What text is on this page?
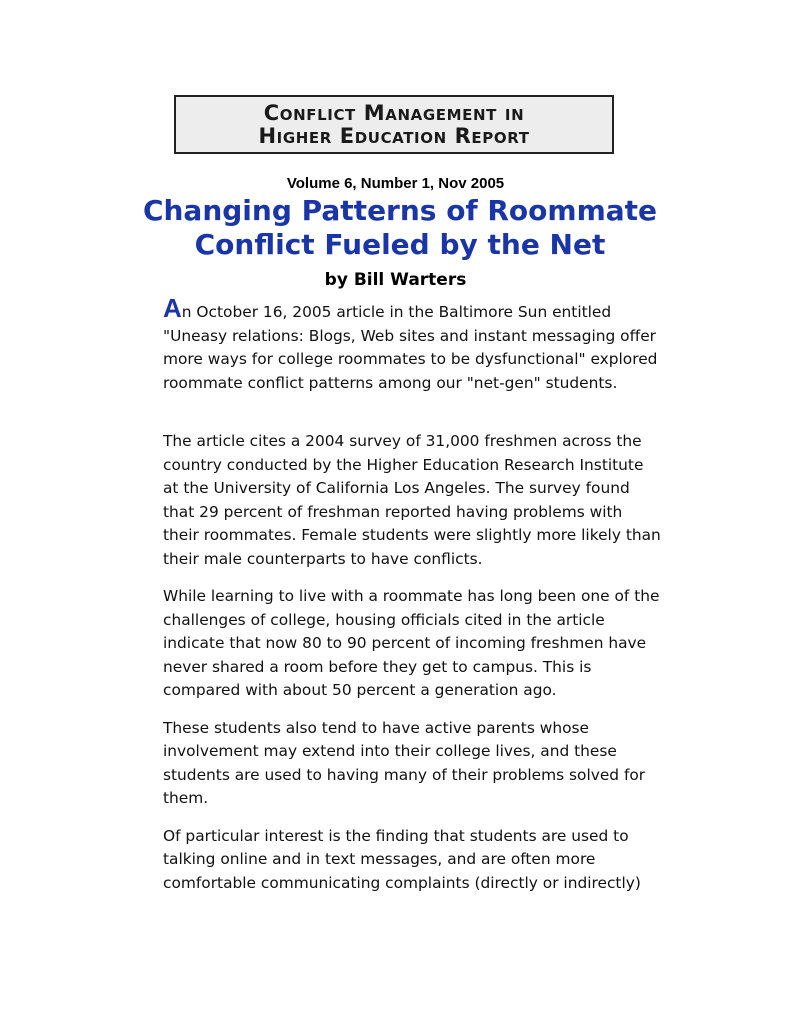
Conflict Management in
Higher Education Report
Volume 6, Number 1, Nov 2005
Changing Patterns of Roommate
Conflict Fueled by the Net
by Bill Warters

An October 16, 2005 article in the Baltimore Sun entitled "Uneasy relations: Blogs, Web sites and instant messaging offer more ways for college roommates to be dysfunctional" explored roommate conflict patterns among our "net-gen" students.

The article cites a 2004 survey of 31,000 freshmen across the country conducted by the Higher Education Research Institute at the University of California Los Angeles. The survey found that 29 percent of freshman reported having problems with their roommates. Female students were slightly more likely than their male counterparts to have conflicts.

While learning to live with a roommate has long been one of the challenges of college, housing officials cited in the article indicate that now 80 to 90 percent of incoming freshmen have never shared a room before they get to campus. This is compared with about 50 percent a generation ago.

These students also tend to have active parents whose involvement may extend into their college lives, and these students are used to having many of their problems solved for them.

Of particular interest is the finding that students are used to talking online and in text messages, and are often more comfortable communicating complaints (directly or indirectly)
